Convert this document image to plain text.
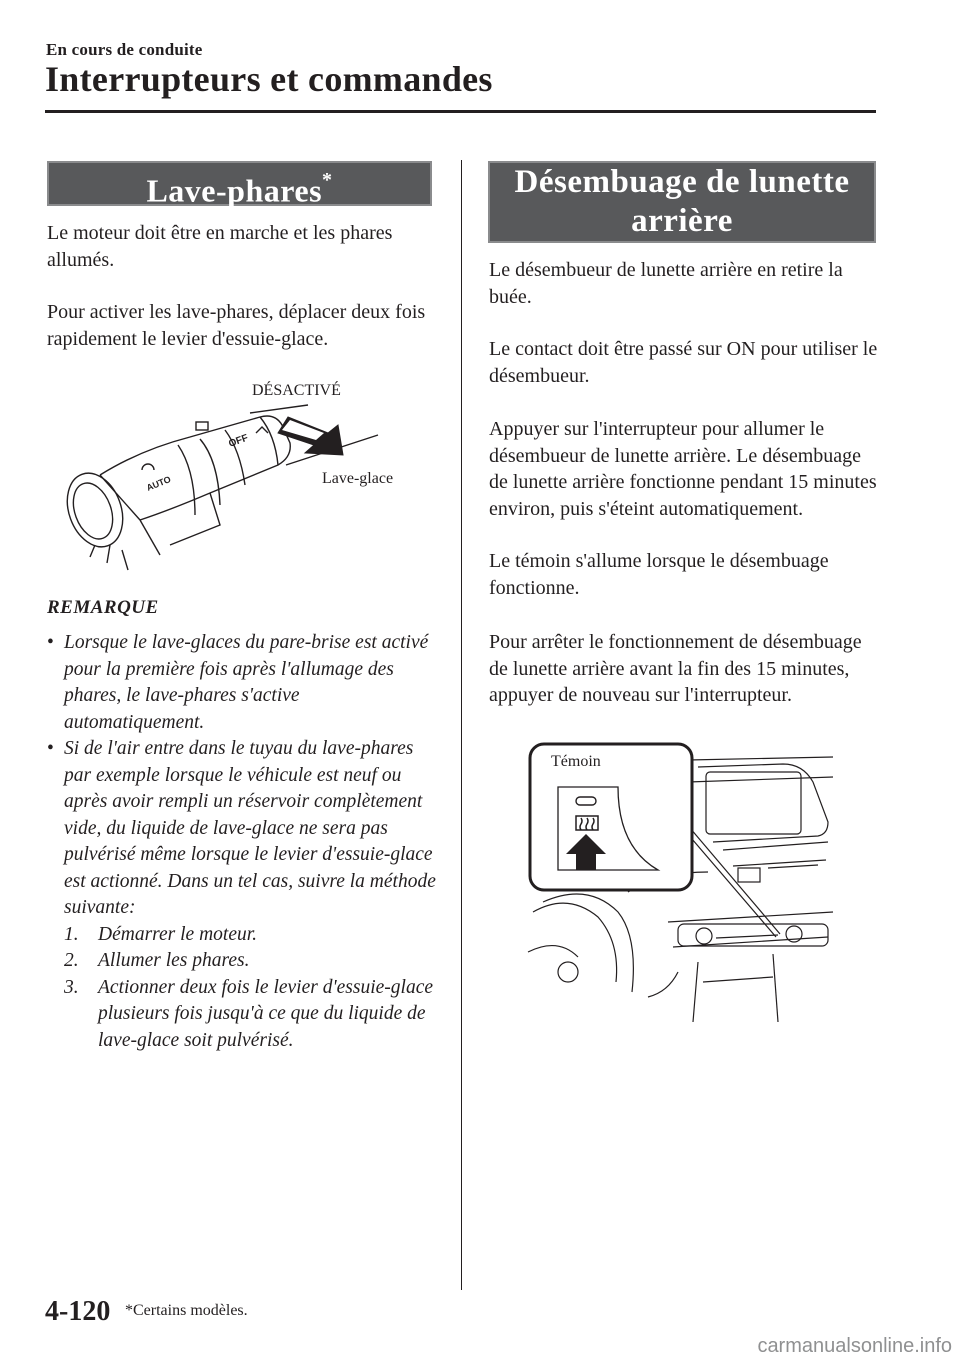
En cours de conduite
Interrupteurs et commandes
Lave-phares*

Le moteur doit être en marche et les phares allumés.

Pour activer les lave-phares, déplacer deux fois rapidement le levier d'essuie-glace.

DÉSACTIVÉ
Lave-glace
OFF
AUTO
REMARQUE

• Lorsque le lave-glaces du pare-brise est activé pour la première fois après l'allumage des phares, le lave-phares s'active automatiquement.

• Si de l'air entre dans le tuyau du lave-phares par exemple lorsque le véhicule est neuf ou après avoir rempli un réservoir complètement vide, du liquide de lave-glace ne sera pas pulvérisé même lorsque le levier d'essuie-glace est actionné. Dans un tel cas, suivre la méthode suivante:

1. Démarrer le moteur.

2. Allumer les phares.

3. Actionner deux fois le levier d'essuie-glace plusieurs fois jusqu'à ce que du liquide de lave-glace soit pulvérisé.

Désembuage de lunette
arrière

Le désembueur de lunette arrière en retire la buée.

Le contact doit être passé sur ON pour utiliser le désembueur.

Appuyer sur l'interrupteur pour allumer le désembueur de lunette arrière. Le désembuage de lunette arrière fonctionne pendant 15 minutes environ, puis s'éteint automatiquement.

Le témoin s'allume lorsque le désembuage fonctionne.

Pour arrêter le fonctionnement de désembuage de lunette arrière avant la fin des 15 minutes, appuyer de nouveau sur l'interrupteur.

Témoin
4-120 *Certains modèles.
carmanualsonline.info
